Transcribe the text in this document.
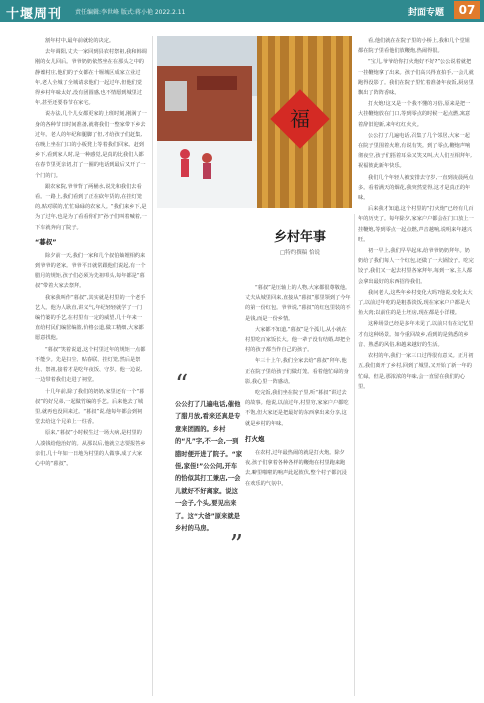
十堰周刊 责任编辑:李世峰 版式:蒋小艳 2022.2.11	封面专题	07

割年村中,最年前就轮的决定。

去年调阳,丈夫一家回到县农村祭祖,我和韩调刚的女儿回后。爷爷奶奶依然坐在在那头之中的静谧村庄,他们的子女都在十堰城区成家立业过年,老人全城了全城请求他们一起过年,但他们觉得乡村年味太好,没有团圆感,也不情愿到城里过年,甚至还要春节在家宅。

说办法,几个儿女都更家的上班时刻,刚满了一身的各种节日时间准备,就将我们一整家带下乡去过年。老人的年纪和腿脚了但,才给孩子们赶集,在晚上坐在门口的小板凳上等着我们回家。赶到乡下,看到家人时,是一种感觉,是真的比我们人都在春节里更亲切,打了一圈的电话到最后又开了一个门的门。

跟农家院,爷爷背了两桶水,说先和我们去看看。一路上,我们看到了正在砍年货的,在挂灯笼的,贴对联的,忙忙碌碌的农家人。“我们来乡下,是为了过年,也是为了看看你们!”孙子们叫着喊着,一下车就奔向了院子。

“暮叔”

除夕前一天,我们一家和几个叔伯妯娌相约来到爷爷的老家。爷爷平日就常跟他们说起,有一个腊月的规矩,孩子们必须为先祖叩头,每年都是“暮叔”带着大家去祭拜。

我家我叫作“暮叔”,其实就是村里的一个老手艺人。他为人耿直,讲义气,年纪轻轻就学了一门编竹篓的手艺,在村里有一定的威望,几十年来一直给村民们编筐编篮,价格公道,做工精细,大家都愿意找他。

“暮叔”笑着说道,这个村里过年的规矩一点都不能少。先是扫尘、贴春联、挂灯笼,然后是祭灶、祭祖,接着才是吃年夜饭、守岁。他一边说,一边带着我们走进了祠堂。

十几年前,除了我们的奶奶,家里还有一个“暮叔”的好兄弟,一起做竹编的手艺。后来他去了城里,就再也没回来过。“暮叔”说,他每年都会到祠堂去给这个兄弟上一炷香。

原来,“暮叔”小时候生过一场大病,是村里的人凑钱给他治好的。从那以后,他就立志要报答乡亲们,几十年如一日地为村里的人做事,成了大家心中的“暮叔”。

福
乡村年事
□特约撰稿 恰说
“
公公打了几遍电话,催他了腊月放,看来还真是专意来团圆的。乡村的“凡”字,不一会,一到腊时便开进了院子。“家侄,家侄!”公公问,开车的恰似其打工兼店,一会儿就好不好离家。说这一会子,个头,要见出来了。这“大爸”原来就是乡村的马房。
”

“暮叔”是压轴上的人物,大家都很尊敬他。丈夫从城里回来,直接从“暮叔”那里领到了今年的第一份红包。爷爷说,“暮叔”的红包里装的不是钱,而是一份乡情。

大家都不知道,“暮叔”是个孤儿,从小就在村里吃百家饭长大。他一辈子没有结婚,却把全村的孩子都当作自己的孩子。

年三十上午,我们全家去给“暮叔”拜年,他正在院子里给孩子们做灯笼。看着他忙碌的身影,我心里一阵感动。

吃完饭,我们坐在院子里,听“暮叔”讲过去的故事。他说,以前过年,村里穷,家家户户都吃不饱,但大家还是把最好的东西拿出来分享,这就是乡村的年味。

打火炮

在农村,过年最热闹的就是打火炮。除夕夜,孩子们拿着各种各样的鞭炮在村里跑来跑去,噼里啪啦的响声此起彼伏,整个村子都沉浸在欢乐的气氛中。

看,他们就在在院子里的小桥上,我和几个堂姐都在院子里看他们放鞭炮,热闹得很。

“宝儿,爷爷给你打火炮好不好?”公公说着就把一挂鞭炮拿了出来。孩子们高兴得直拍手,一会儿就跑得没影了。我们在院子里忙着准备年夜饭,厨房里飘出了阵阵香味。

打火炮!这又是一个我不懂的习俗,原来是把一大挂鞭炮放在门口,等到零点的时候一起点燃,寓意着辞旧迎新,来年红红火火。

公公打了几遍电话,召集了几个邻居,大家一起在院子里围着火堆,有说有笑。到了零点,鞭炮声响彻夜空,孩子们捂着耳朵又笑又叫,大人们互相拜年,祝福彼此新年快乐。

我们几个年轻人被安排去守岁,一直到凌晨两点多。看着满天的烟花,我突然觉得,这才是真正的年味。

后来我才知道,这个村里的“打火炮”已经有几百年的历史了。每年除夕,家家户户都会在门口放上一挂鞭炮,等到零点一起点燃,声音越响,说明来年越兴旺。

初一早上,我们早早起床,给爷爷奶奶拜年。奶奶给了我们每人一个红包,还做了一大锅饺子。吃完饺子,我们又一起去村里各家拜年,每到一家,主人都会拿出最好的东西招待我们。

我问老人,这些年乡村变化大吗?他说,变化太大了,以前过年吃的是粗茶淡饭,现在家家户户都是大鱼大肉;以前住的是土坯房,现在都是小洋楼。

这种场景已经是多年未见了,以前只有在记忆里才有这种场景。如今重回故乡,看到的是熟悉的乡音、熟悉的风俗,和越来越好的生活。

农村的年,我们一家三口过得很有意义。正月初五,我们离开了乡村,回到了城里,又开始了新一年的忙碌。但是,那浓浓的年味,会一直留在我们的心里。
